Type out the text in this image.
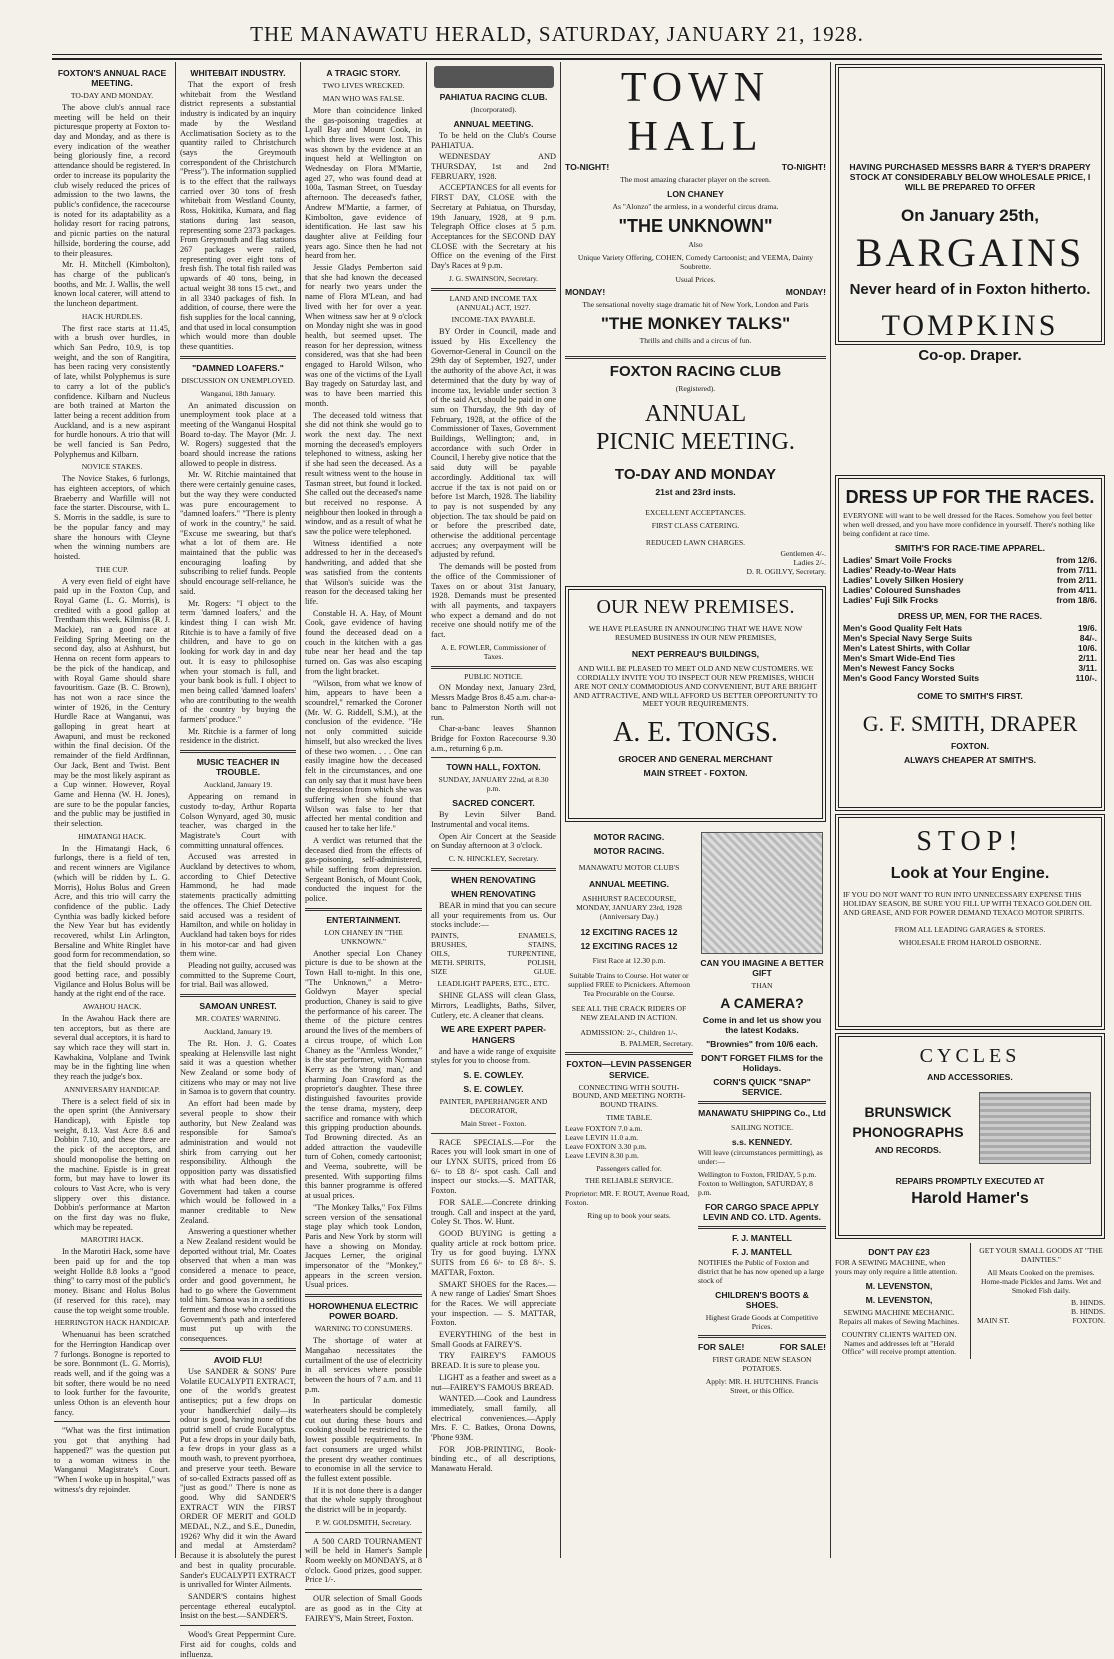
THE MANAWATU HERALD, SATURDAY, JANUARY 21, 1928.
FOXTON'S ANNUAL RACE MEETING.
TO-DAY AND MONDAY.

The above club's annual race meeting will be held on their picturesque property at Foxton to-day and Monday, and as there is every indication of the weather being gloriously fine, a record attendance should be registered. In order to increase its popularity the club wisely reduced the prices of admission to the two lawns, the public's confidence, the racecourse is noted for its adaptability as a holiday resort for racing patrons, and picnic parties on the natural hillside, bordering the course, add to their pleasures.

Mr. H. Mitchell (Kimbolton), has charge of the publican's booths, and Mr. J. Wallis, the well known local caterer, will attend to the luncheon department.

HACK HURDLES.

The first race starts at 11.45, with a brush over hurdles, in which San Pedro, 10.9, is top weight, and the son of Rangitira, has been racing very consistently of late, whilst Polyphemus is sure to carry a lot of the public's confidence. Kilbarn and Nucleus are both trained at Marton the latter being a recent addition from Auckland, and is a new aspirant for hurdle honours. A trio that will be well fancied is San Pedro, Polyphemus and Kilbarn.

NOVICE STAKES.

The Novice Stakes, 6 furlongs, has eighteen acceptors, of which Braeberry and Warfille will not face the starter. Discourse, with L. S. Morris in the saddle, is sure to be the popular fancy and may share the honours with Cleyne when the winning numbers are hoisted.

THE CUP.

A very even field of eight have paid up in the Foxton Cup, and Royal Game (L. G. Morris), is credited with a good gallop at Trentham this week. Kilmiss (R. J. Mackie), ran a good race at Feilding Spring Meeting on the second day, also at Ashhurst, but Henna on recent form appears to be the pick of the handicap, and with Royal Game should share favouritism. Gaze (B. C. Brown), has not won a race since the winter of 1926, in the Century Hurdle Race at Wanganui, was galloping in great heart at Awapuni, and must be reckoned within the final decision. Of the remainder of the field Ardfinnan, Our Jack, Bent and Twist. Bent may be the most likely aspirant as a Cup winner. However, Royal Game and Henna (W. H. Jones), are sure to be the popular fancies, and the public may be justified in their selection.

HIMATANGI HACK.

In the Himatangi Hack, 6 furlongs, there is a field of ten, and recent winners are Vigilance (which will be ridden by L. G. Morris), Holus Bolus and Green Acre, and this trio will carry the confidence of the public. Lady Cynthia was badly kicked before the New Year but has evidently recovered, whilst Lin Arlington, Bersaline and White Ringlet have good form for recommendation, so that the field should provide a good betting race, and possibly Vigilance and Holus Bolus will be handy at the right end of the race.

AWAHOU HACK.

In the Awahou Hack there are ten acceptors, but as there are several dual acceptors, it is hard to say which race they will start in. Kawhakina, Volplane and Twink may be in the fighting line when they reach the judge's box.

ANNIVERSARY HANDICAP.

There is a select field of six in the open sprint (the Anniversary Handicap), with Epistle top weight, 8.13. Vast Acre 8.6 and Dobbin 7.10, and these three are the pick of the acceptors, and should monopolise the betting on the machine. Epistle is in great form, but may have to lower its colours to Vast Acre, who is very slippery over this distance. Dobbin's performance at Marton on the first day was no fluke, which may be repeated.

MAROTIRI HACK.

In the Marotiri Hack, some have been paid up for and the top weight Hollde 8.8 looks a "good thing" to carry most of the public's money. Bisanc and Holus Bolus (if reserved for this race), may cause the top weight some trouble.

HERRINGTON HACK HANDICAP.

Whenuanui has been scratched for the Herrington Handicap over 7 furlongs. Bonogne is reported to be sore. Bonnmont (L. G. Morris), reads well, and if the going was a bit softer, there would be no need to look further for the favourite, unless Othon is an eleventh hour fancy.

"What was the first intimation you got that anything had happened?" was the question put to a woman witness in the Wanganui Magistrate's Court. "When I woke up in hospital," was witness's dry rejoinder.

WHITEBAIT INDUSTRY.

That the export of fresh whitebait from the Westland district represents a substantial industry is indicated by an inquiry made by the Westland Acclimatisation Society as to the quantity railed to Christchurch (says the Greymouth correspondent of the Christchurch "Press"). The information supplied is to the effect that the railways carried over 30 tons of fresh whitebait from Westland County, Ross, Hokitika, Kumara, and flag stations during last season, representing some 2373 packages. From Greymouth and flag stations 267 packages were railed, representing over eight tons of fresh fish. The total fish railed was upwards of 40 tons, being, in actual weight 38 tons 15 cwt., and in all 3340 packages of fish. In addition, of course, there were the fish supplies for the local canning, and that used in local consumption which would more than double these quantities.

"DAMNED LOAFERS."
DISCUSSION ON UNEMPLOYED.
Wanganui, 18th January.

An animated discussion on unemployment took place at a meeting of the Wanganui Hospital Board to-day. The Mayor (Mr. J. W. Rogers) suggested that the board should increase the rations allowed to people in distress.

Mr. W. Ritchie maintained that there were certainly genuine cases, but the way they were conducted was pure encouragement to "damned loafers." "There is plenty of work in the country," he said. "Excuse me swearing, but that's what a lot of them are. He maintained that the public was encouraging loafing by subscribing to relief funds. People should encourage self-reliance, he said.

Mr. Rogers: "I object to the term 'damned loafers,' and the kindest thing I can wish Mr. Ritchie is to have a family of five children, and have to go on looking for work day in and day out. It is easy to philosophise when your stomach is full, and your bank book is full. I object to men being called 'damned loafers' who are contributing to the wealth of the country by buying the farmers' produce."

Mr. Ritchie is a farmer of long residence in the district.

MUSIC TEACHER IN TROUBLE.
Auckland, January 19.

Appearing on remand in custody to-day, Arthur Roparta Colson Wynyard, aged 30, music teacher, was charged in the Magistrate's Court with committing unnatural offences.

Accused was arrested in Auckland by detectives to whom, according to Chief Detective Hammond, he had made statements practically admitting the offences. The Chief Detective said accused was a resident of Hamilton, and while on holiday in Auckland had taken boys for rides in his motor-car and had given them wine.

Pleading not guilty, accused was committed to the Supreme Court, for trial. Bail was allowed.

SAMOAN UNREST.
MR. COATES' WARNING.
Auckland, January 19.

The Rt. Hon. J. G. Coates speaking at Helensville last night said it was a question whether New Zealand or some body of citizens who may or may not live in Samoa is to govern that country.

An effort had been made by several people to show their authority, but New Zealand was responsible for Samoa's administration and would not shirk from carrying out her responsibility. Although the opposition party was dissatisfied with what had been done, the Government had taken a course which would be followed in a manner creditable to New Zealand.

Answering a questioner whether a New Zealand resident would be deported without trial, Mr. Coates observed that when a man was considered a menace to peace, order and good government, he had to go where the Government told him. Samoa was in a seditious ferment and those who crossed the Government's path and interfered must put up with the consequences.

AVOID FLU!

Use SANDER & SONS' Pure Volatile EUCALYPTI EXTRACT, one of the world's greatest antiseptics; put a few drops on your handkerchief daily—its odour is good, having none of the putrid smell of crude Eucalyptus. Put a few drops in your daily bath, a few drops in your glass as a mouth wash, to prevent pyorrhoea, and preserve your teeth. Beware of so-called Extracts passed off as "just as good." There is none as good. Why did SANDER'S EXTRACT WIN the FIRST ORDER OF MERIT and GOLD MEDAL, N.Z., and S.E., Dunedin, 1926? Why did it win the Award and medal at Amsterdam? Because it is absolutely the purest and best in quality procurable. Sander's EUCALYPTI EXTRACT is unrivalled for Winter Ailments.

SANDER'S contains highest percentage ethereal eucalyptol. Insist on the best.—SANDER'S.

Wood's Great Peppermint Cure. First aid for coughs, colds and influenza.

A TRAGIC STORY.
TWO LIVES WRECKED.
MAN WHO WAS FALSE.

More than coincidence linked the gas-poisoning tragedies at Lyall Bay and Mount Cook, in which three lives were lost. This was shown by the evidence at an inquest held at Wellington on Wednesday on Flora M'Martie, aged 27, who was found dead at 100a, Tasman Street, on Tuesday afternoon. The deceased's father, Andrew M'Martie, a farmer, of Kimbolton, gave evidence of identification. He last saw his daughter alive at Feilding four years ago. Since then he had not heard from her.

Jessie Gladys Pemberton said that she had known the deceased for nearly two years under the name of Flora M'Lean, and had lived with her for over a year. When witness saw her at 9 o'clock on Monday night she was in good health, but seemed upset. The reason for her depression, witness considered, was that she had been engaged to Harold Wilson, who was one of the victims of the Lyall Bay tragedy on Saturday last, and was to have been married this month.

The deceased told witness that she did not think she would go to work the next day. The next morning the deceased's employers telephoned to witness, asking her if she had seen the deceased. As a result witness went to the house in Tasman street, but found it locked. She called out the deceased's name but received no response. A neighbour then looked in through a window, and as a result of what he saw the police were telephoned.

Witness identified a note addressed to her in the deceased's handwriting, and added that she was satisfied from the contents that Wilson's suicide was the reason for the deceased taking her life.

Constable H. A. Hay, of Mount Cook, gave evidence of having found the deceased dead on a couch in the kitchen with a gas tube near her head and the tap turned on. Gas was also escaping from the light bracket.

"Wilson, from what we know of him, appears to have been a scoundrel," remarked the Coroner (Mr. W. G. Riddell, S.M.), at the conclusion of the evidence. "He not only committed suicide himself, but also wrecked the lives of these two women. . . . One can easily imagine how the deceased felt in the circumstances, and one can only say that it must have been the depression from which she was suffering when she found that Wilson was false to her that affected her mental condition and caused her to take her life."

A verdict was returned that the deceased died from the effects of gas-poisoning, self-administered, while suffering from depression. Sergeant Bonisch, of Mount Cook, conducted the inquest for the police.

ENTERTAINMENT.
LON CHANEY IN "THE UNKNOWN."

Another special Lon Chaney picture is due to be shown at the Town Hall to-night. In this one, "The Unknown," a Metro-Goldwyn Mayer special production, Chaney is said to give the performance of his career. The theme of the picture centres around the lives of the members of a circus troupe, of which Lon Chaney as the "Armless Wonder," is the star performer, with Norman Kerry as the 'strong man,' and charming Joan Crawford as the proprietor's daughter. These three distinguished favourites provide the tense drama, mystery, deep sacrifice and romance with which this gripping production abounds. Tod Browning directed. As an added attraction the vaudeville turn of Cohen, comedy cartoonist; and Veema, soubrette, will be presented. With supporting films this banner programme is offered at usual prices.

"The Monkey Talks," Fox Films screen version of the sensational stage play which took London, Paris and New York by storm will have a showing on Monday. Jacques Lerner, the original impersonator of the "Monkey," appears in the screen version. Usual prices.

HOROWHENUA ELECTRIC POWER BOARD.
WARNING TO CONSUMERS.

The shortage of water at Mangahao necessitates the curtailment of the use of electricity in all services where possible between the hours of 7 a.m. and 11 p.m.

In particular domestic waterheaters should be completely cut out during these hours and cooking should be restricted to the lowest possible requirements. In fact consumers are urged whilst the present dry weather continues to economise in all the service to the fullest extent possible.

If it is not done there is a danger that the whole supply throughout the district will be in jeopardy.

P. W. GOLDSMITH, Secretary.

A 500 CARD TOURNAMENT will be held in Hamer's Sample Room weekly on MONDAYS, at 8 o'clock. Good prizes, good supper. Price 1/-.

OUR selection of Small Goods are as good as in the City at FAIREY'S, Main Street, Foxton.

PAHIATUA RACING CLUB.
(Incorporated).
ANNUAL MEETING.

To be held on the Club's Course PAHIATUA.

WEDNESDAY AND THURSDAY, 1st and 2nd FEBRUARY, 1928.

ACCEPTANCES for all events for FIRST DAY, CLOSE with the Secretary at Pahiatua, on Thursday, 19th January, 1928, at 9 p.m. Telegraph Office closes at 5 p.m. Acceptances for the SECOND DAY CLOSE with the Secretary at his Office on the evening of the First Day's Races at 9 p.m.

J. G. SWAINSON, Secretary.
LAND AND INCOME TAX (ANNUAL) ACT, 1927.
INCOME-TAX PAYABLE.

BY Order in Council, made and issued by His Excellency the Governor-General in Council on the 29th day of September, 1927, under the authority of the above Act, it was determined that the duty by way of income tax, leviable under section 3 of the said Act, should be paid in one sum on Thursday, the 9th day of February, 1928, at the office of the Commissioner of Taxes, Government Buildings, Wellington; and, in accordance with such Order in Council, I hereby give notice that the said duty will be payable accordingly. Additional tax will accrue if the tax is not paid on or before 1st March, 1928. The liability to pay is not suspended by any objection. The tax should be paid on or before the prescribed date, otherwise the additional percentage accrues; any overpayment will be adjusted by refund.

The demands will be posted from the office of the Commissioner of Taxes on or about 31st January, 1928. Demands must be presented with all payments, and taxpayers who expect a demand and do not receive one should notify me of the fact.

A. E. FOWLER, Commissioner of Taxes.
PUBLIC NOTICE.

ON Monday next, January 23rd, Messrs Madge Bros 8.45 a.m. char-a-banc to Palmerston North will not run.

Char-a-banc leaves Shannon Bridge for Foxton Racecourse 9.30 a.m., returning 6 p.m.

TOWN HALL, FOXTON.
SUNDAY, JANUARY 22nd, at 8.30 p.m.
SACRED CONCERT.

By Levin Silver Band. Instrumental and vocal items.

Open Air Concert at the Seaside on Sunday afternoon at 3 o'clock.

C. N. HINCKLEY, Secretary.
WHEN RENOVATING
WHEN RENOVATING

BEAR in mind that you can secure all your requirements from us. Our stocks include:—

PAINTS,	ENAMELS,
BRUSHES,	STAINS,
OILS,	TURPENTINE,
METH. SPIRITS,	POLISH,
SIZE	GLUE.
LEADLIGHT PAPERS, ETC., ETC.

SHINE GLASS will clean Glass, Mirrors, Leadlights, Baths, Silver, Cutlery, etc. A cleaner that cleans.

WE ARE EXPERT PAPER-HANGERS

and have a wide range of exquisite styles for you to choose from.

S. E. COWLEY.
S. E. COWLEY.
PAINTER, PAPERHANGER AND DECORATOR,
Main Street - Foxton.

RACE SPECIALS.—For the Races you will look smart in one of our LYNX SUITS, priced from £6 6/- to £8 8/- spot cash. Call and inspect our stocks.—S. MATTAR, Foxton.

FOR SALE.—Concrete drinking trough. Call and inspect at the yard, Coley St. Thos. W. Hunt.

GOOD BUYING is getting a quality article at rock bottom price. Try us for good buying. LYNX SUITS from £6 6/- to £8 8/-. S. MATTAR, Foxton.

SMART SHOES for the Races.—A new range of Ladies' Smart Shoes for the Races. We will appreciate your inspection. — S. MATTAR, Foxton.

EVERYTHING of the best in Small Goods at FAIREY'S.

TRY FAIREY'S FAMOUS BREAD. It is sure to please you.

LIGHT as a feather and sweet as a nut—FAIREY'S FAMOUS BREAD.

WANTED.—Cook and Laundress immediately, small family, all electrical conveniences.—Apply Mrs. F. C. Batkes, Orona Downs, 'Phone 93M.

FOR JOB-PRINTING, Book-binding etc., of all descriptions, Manawatu Herald.

TOWN HALL
TO-NIGHT!	TO-NIGHT!
The most amazing character player on the screen.
LON CHANEY
As "Alonzo" the armless, in a wonderful circus drama.
"THE UNKNOWN"
Also
Unique Variety Offering, COHEN, Comedy Cartoonist; and VEEMA, Dainty Soubrette.
Usual Prices.
MONDAY!	MONDAY!
The sensational novelty stage dramatic hit of New York, London and Paris
"THE MONKEY TALKS"
Thrills and chills and a circus of fun.
FOXTON RACING CLUB
(Registered).
ANNUAL
PICNIC MEETING.
TO-DAY AND MONDAY
21st and 23rd insts.
EXCELLENT ACCEPTANCES.
FIRST CLASS CATERING.
REDUCED LAWN CHARGES.
Gentlemen 4/-.
Ladies 2/-.
D. R. OGILVY, Secretary.
OUR NEW PREMISES.
WE HAVE PLEASURE IN ANNOUNCING THAT WE HAVE NOW RESUMED BUSINESS IN OUR NEW PREMISES,
NEXT PERREAU'S BUILDINGS,
AND WILL BE PLEASED TO MEET OLD AND NEW CUSTOMERS. WE CORDIALLY INVITE YOU TO INSPECT OUR NEW PREMISES, WHICH ARE NOT ONLY COMMODIOUS AND CONVENIENT, BUT ARE BRIGHT AND ATTRACTIVE, AND WILL AFFORD US BETTER OPPORTUNITY TO MEET YOUR REQUIREMENTS.
A. E. TONGS.
GROCER AND GENERAL MERCHANT
MAIN STREET - FOXTON.
MOTOR RACING.
MOTOR RACING.
MANAWATU MOTOR CLUB'S
ANNUAL MEETING.
ASHHURST RACECOURSE, MONDAY, JANUARY 23rd, 1928 (Anniversary Day.)
12 EXCITING RACES 12
12 EXCITING RACES 12
First Race at 12.30 p.m.
Suitable Trains to Course. Hot water or supplied FREE to Picnickers. Afternoon Tea Procurable on the Course.
SEE ALL THE CRACK RIDERS OF NEW ZEALAND IN ACTION.
ADMISSION: 2/-, Children 1/-.
B. PALMER, Secretary.
FOXTON—LEVIN PASSENGER SERVICE.
CONNECTING WITH SOUTH-BOUND, AND MEETING NORTH-BOUND TRAINS.
TIME TABLE.
Leave FOXTON 7.0 a.m.
Leave LEVIN 11.0 a.m.
Leave FOXTON 3.30 p.m.
Leave LEVIN 8.30 p.m.
Passengers called for.
THE RELIABLE SERVICE.
Proprietor: MR. F. ROUT, Avenue Road, Foxton.
Ring up to book your seats.
CAN YOU IMAGINE A BETTER GIFT
THAN
A CAMERA?
Come in and let us show you the latest Kodaks.
"Brownies" from 10/6 each.
DON'T FORGET FILMS for the Holidays.
CORN'S QUICK "SNAP" SERVICE.
MANAWATU SHIPPING Co., Ltd
SAILING NOTICE.
s.s. KENNEDY.
Will leave (circumstances permitting), as under:—
Wellington to Foxton, FRIDAY, 5 p.m.
Foxton to Wellington, SATURDAY, 8 p.m.
FOR CARGO SPACE APPLY LEVIN AND CO. LTD. Agents.
F. J. MANTELL
F. J. MANTELL
NOTIFIES the Public of Foxton and district that he has now opened up a large stock of
CHILDREN'S BOOTS & SHOES.
Highest Grade Goods at Competitive Prices.
FOR SALE!	FOR SALE!
FIRST GRADE NEW SEASON POTATOES.
Apply: MR. H. HUTCHINS. Francis Street, or this Office.
HAVING PURCHASED MESSRS BARR & TYER'S DRAPERY STOCK AT CONSIDERABLY BELOW WHOLESALE PRICE, I WILL BE PREPARED TO OFFER
On January 25th,
BARGAINS
Never heard of in Foxton hitherto.
TOMPKINS
Co-op. Draper.
DRESS UP FOR THE RACES.
EVERYONE will want to be well dressed for the Races. Somehow you feel better when well dressed, and you have more confidence in yourself. There's nothing like being confident at race time.
SMITH'S FOR RACE-TIME APPAREL.
Ladies' Smart Voile Frocks	from 12/6.
Ladies' Ready-to-Wear Hats	from 7/11.
Ladies' Lovely Silken Hosiery	from 2/11.
Ladies' Coloured Sunshades	from 4/11.
Ladies' Fuji Silk Frocks	from 18/6.
DRESS UP, MEN, FOR THE RACES.
Men's Good Quality Felt Hats	19/6.
Men's Special Navy Serge Suits	84/-.
Men's Latest Shirts, with Collar	10/6.
Men's Smart Wide-End Ties	2/11.
Men's Newest Fancy Socks	3/11.
Men's Good Fancy Worsted Suits	110/-.
COME TO SMITH'S FIRST.
G. F. SMITH, DRAPER
FOXTON.
ALWAYS CHEAPER AT SMITH'S.
STOP!
Look at Your Engine.
IF YOU DO NOT WANT TO RUN INTO UNNECESSARY EXPENSE THIS HOLIDAY SEASON, BE SURE YOU FILL UP WITH TEXACO GOLDEN OIL AND GREASE, AND FOR POWER DEMAND TEXACO MOTOR SPIRITS.
FROM ALL LEADING GARAGES & STORES.
WHOLESALE FROM HAROLD OSBORNE.
CYCLES
AND ACCESSORIES.
BRUNSWICK
PHONOGRAPHS
AND RECORDS.
REPAIRS PROMPTLY EXECUTED AT
Harold Hamer's
DON'T PAY £23
FOR A SEWING MACHINE, when yours may only require a little attention.
M. LEVENSTON,
M. LEVENSTON,
SEWING MACHINE MECHANIC. Repairs all makes of Sewing Machines.
COUNTRY CLIENTS WAITED ON. Names and addresses left at "Herald Office" will receive prompt attention.
GET YOUR SMALL GOODS AT "THE DAINTIES."
All Meats Cooked on the premises. Home-made Pickles and Jams. Wet and Smoked Fish daily.
B. HINDS.
B. HINDS.
MAIN ST.	FOXTON.
